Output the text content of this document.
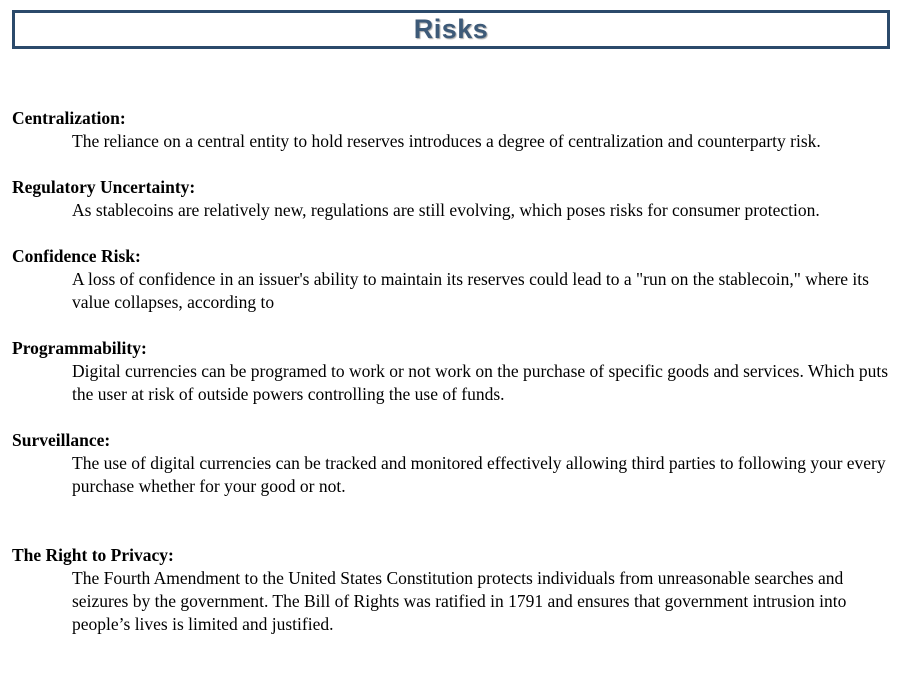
Risks
Centralization:
The reliance on a central entity to hold reserves introduces a degree of centralization and counterparty risk.
Regulatory Uncertainty:
As stablecoins are relatively new, regulations are still evolving, which poses risks for consumer protection.
Confidence Risk:
A loss of confidence in an issuer's ability to maintain its reserves could lead to a "run on the stablecoin," where its value collapses, according to
Programmability:
Digital currencies can be programed to work or not work on the purchase of specific goods and services. Which puts the user at risk of outside powers controlling the use of funds.
Surveillance:
The use of digital currencies can be tracked and monitored effectively allowing third parties to following your every purchase whether for your good or not.
The Right to Privacy:
The Fourth Amendment to the United States Constitution protects individuals from unreasonable searches and seizures by the government. The Bill of Rights was ratified in 1791 and ensures that government intrusion into people’s lives is limited and justified.
